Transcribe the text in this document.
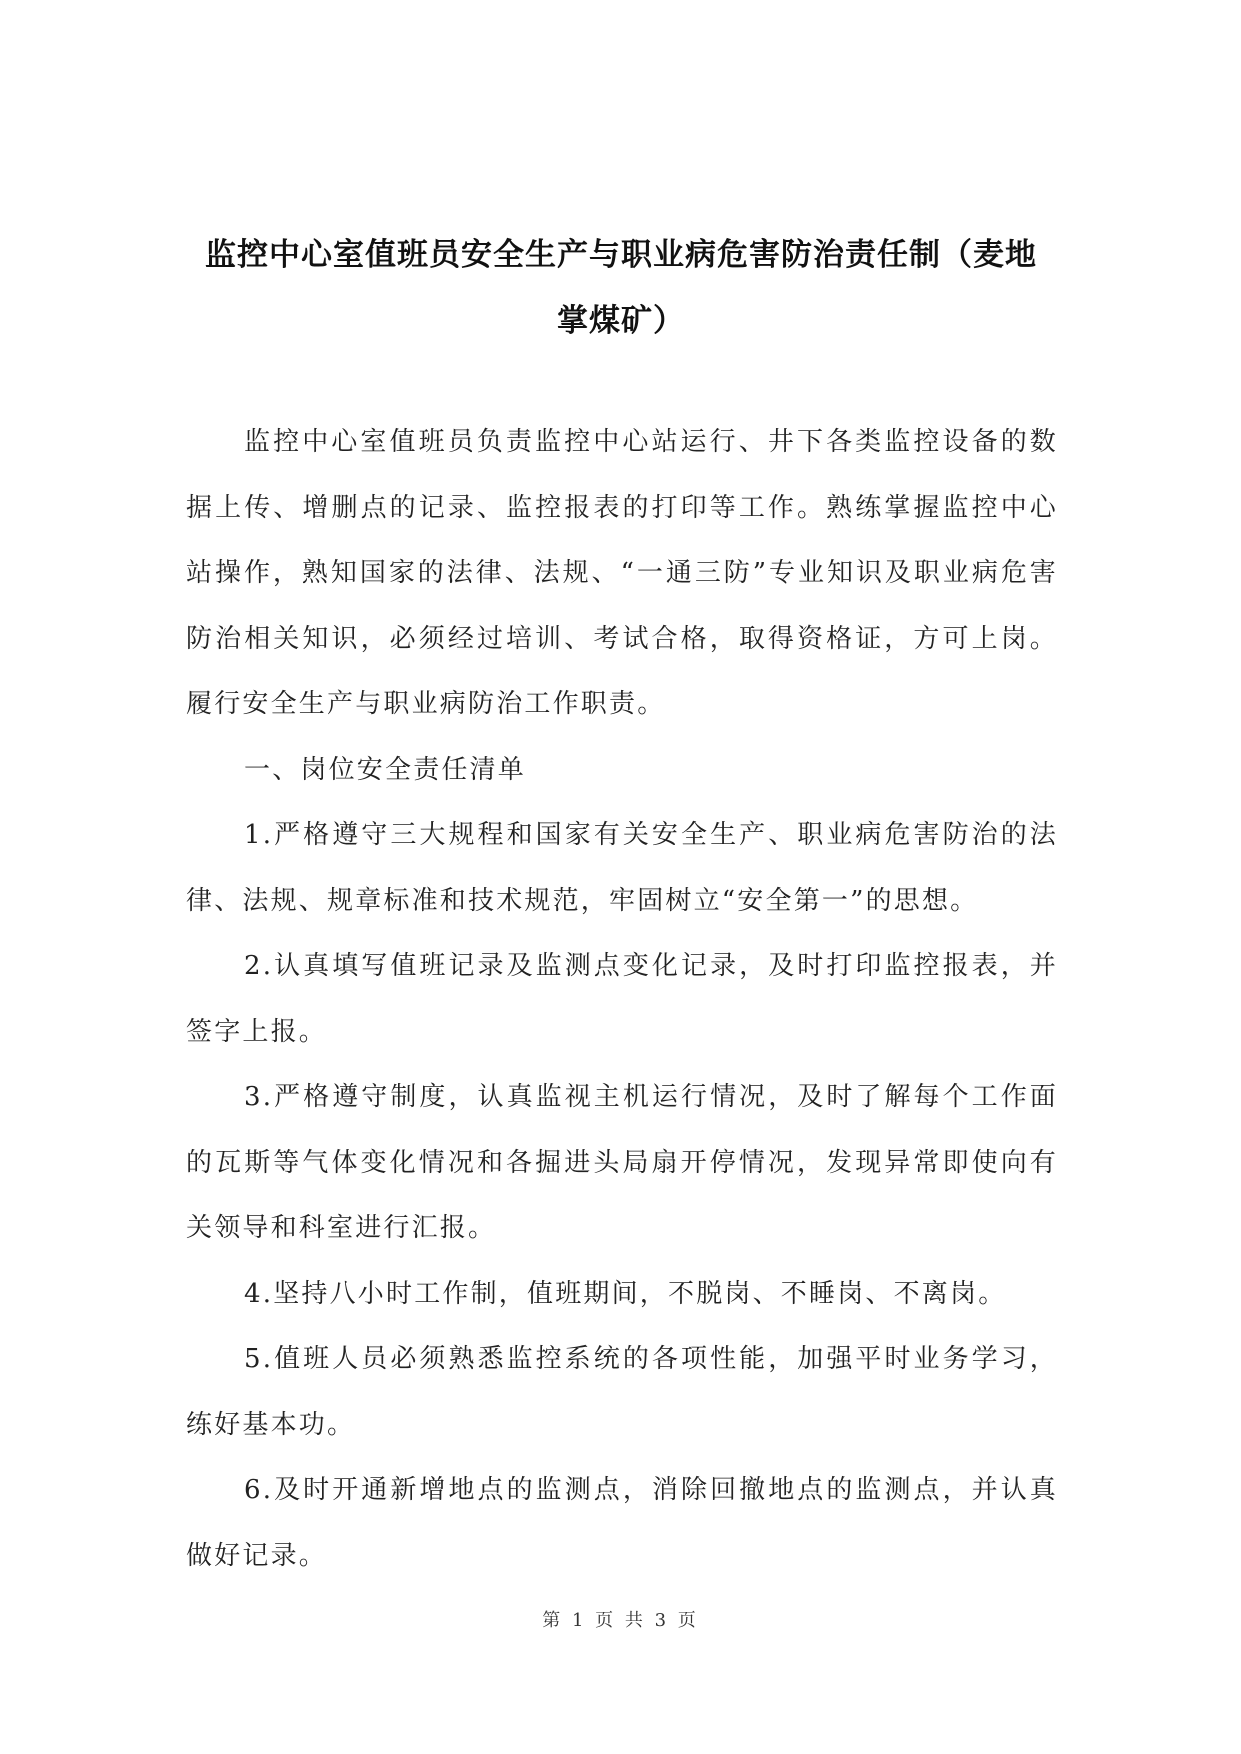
监控中心室值班员安全生产与职业病危害防治责任制（麦地
掌煤矿）

监控中心室值班员负责监控中心站运行、井下各类监控设备的数据上传、增删点的记录、监控报表的打印等工作。熟练掌握监控中心站操作，熟知国家的法律、法规、“一通三防”专业知识及职业病危害防治相关知识，必须经过培训、考试合格，取得资格证，方可上岗。履行安全生产与职业病防治工作职责。

一、岗位安全责任清单

1.严格遵守三大规程和国家有关安全生产、职业病危害防治的法律、法规、规章标准和技术规范，牢固树立“安全第一”的思想。

2.认真填写值班记录及监测点变化记录，及时打印监控报表，并签字上报。

3.严格遵守制度，认真监视主机运行情况，及时了解每个工作面的瓦斯等气体变化情况和各掘进头局扇开停情况，发现异常即使向有关领导和科室进行汇报。

4.坚持八小时工作制，值班期间，不脱岗、不睡岗、不离岗。

5.值班人员必须熟悉监控系统的各项性能，加强平时业务学习，练好基本功。

6.及时开通新增地点的监测点，消除回撤地点的监测点，并认真做好记录。

第 1 页 共 3 页
